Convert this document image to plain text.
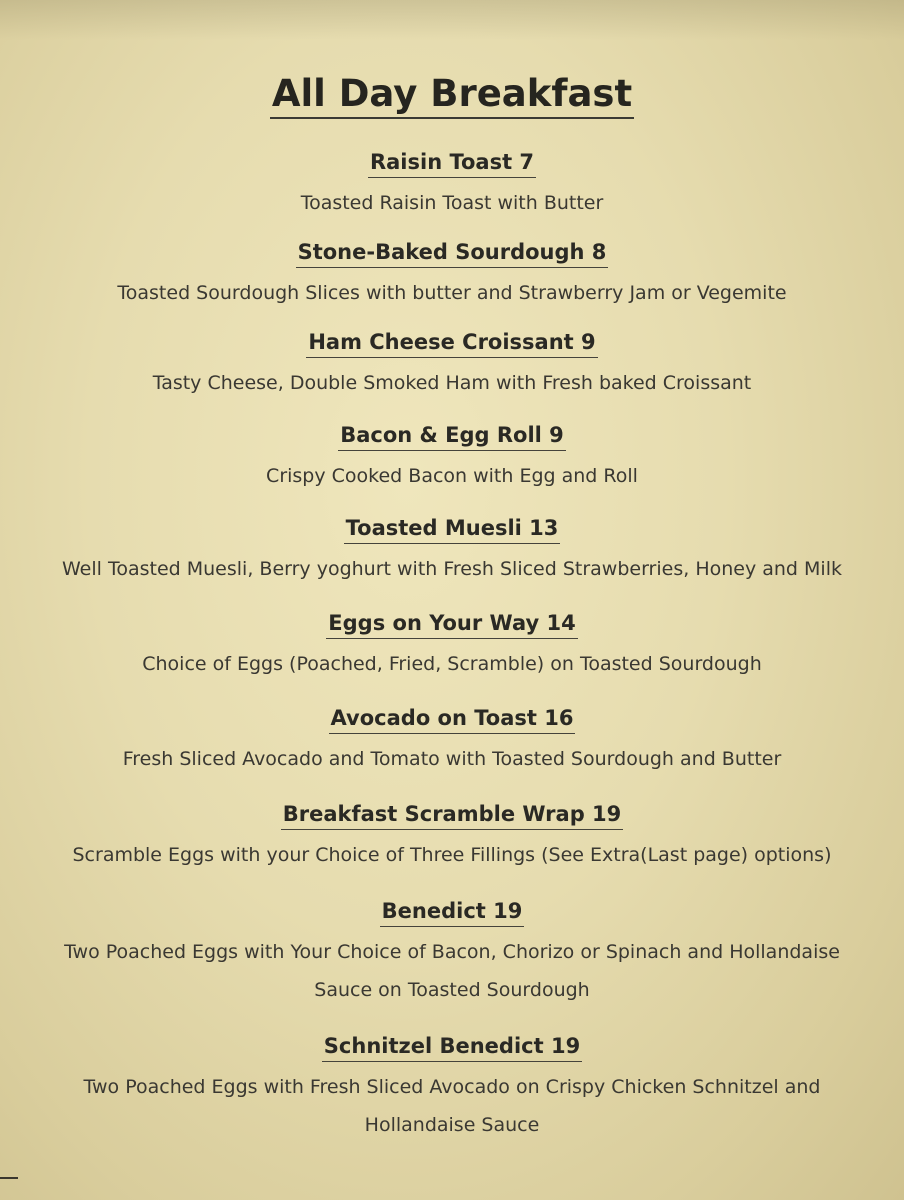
All Day Breakfast
Raisin Toast 7
Toasted Raisin Toast with Butter
Stone-Baked Sourdough 8
Toasted Sourdough Slices with butter and Strawberry Jam or Vegemite
Ham Cheese Croissant 9
Tasty Cheese, Double Smoked Ham with Fresh baked Croissant
Bacon & Egg Roll 9
Crispy Cooked Bacon with Egg and Roll
Toasted Muesli 13
Well Toasted Muesli, Berry yoghurt with Fresh Sliced Strawberries, Honey and Milk
Eggs on Your Way 14
Choice of Eggs (Poached, Fried, Scramble) on Toasted Sourdough
Avocado on Toast 16
Fresh Sliced Avocado and Tomato with Toasted Sourdough and Butter
Breakfast Scramble Wrap 19
Scramble Eggs with your Choice of Three Fillings (See Extra(Last page) options)
Benedict 19
Two Poached Eggs with Your Choice of Bacon, Chorizo or Spinach and Hollandaise
Sauce on Toasted Sourdough
Schnitzel Benedict 19
Two Poached Eggs with Fresh Sliced Avocado on Crispy Chicken Schnitzel and
Hollandaise Sauce
